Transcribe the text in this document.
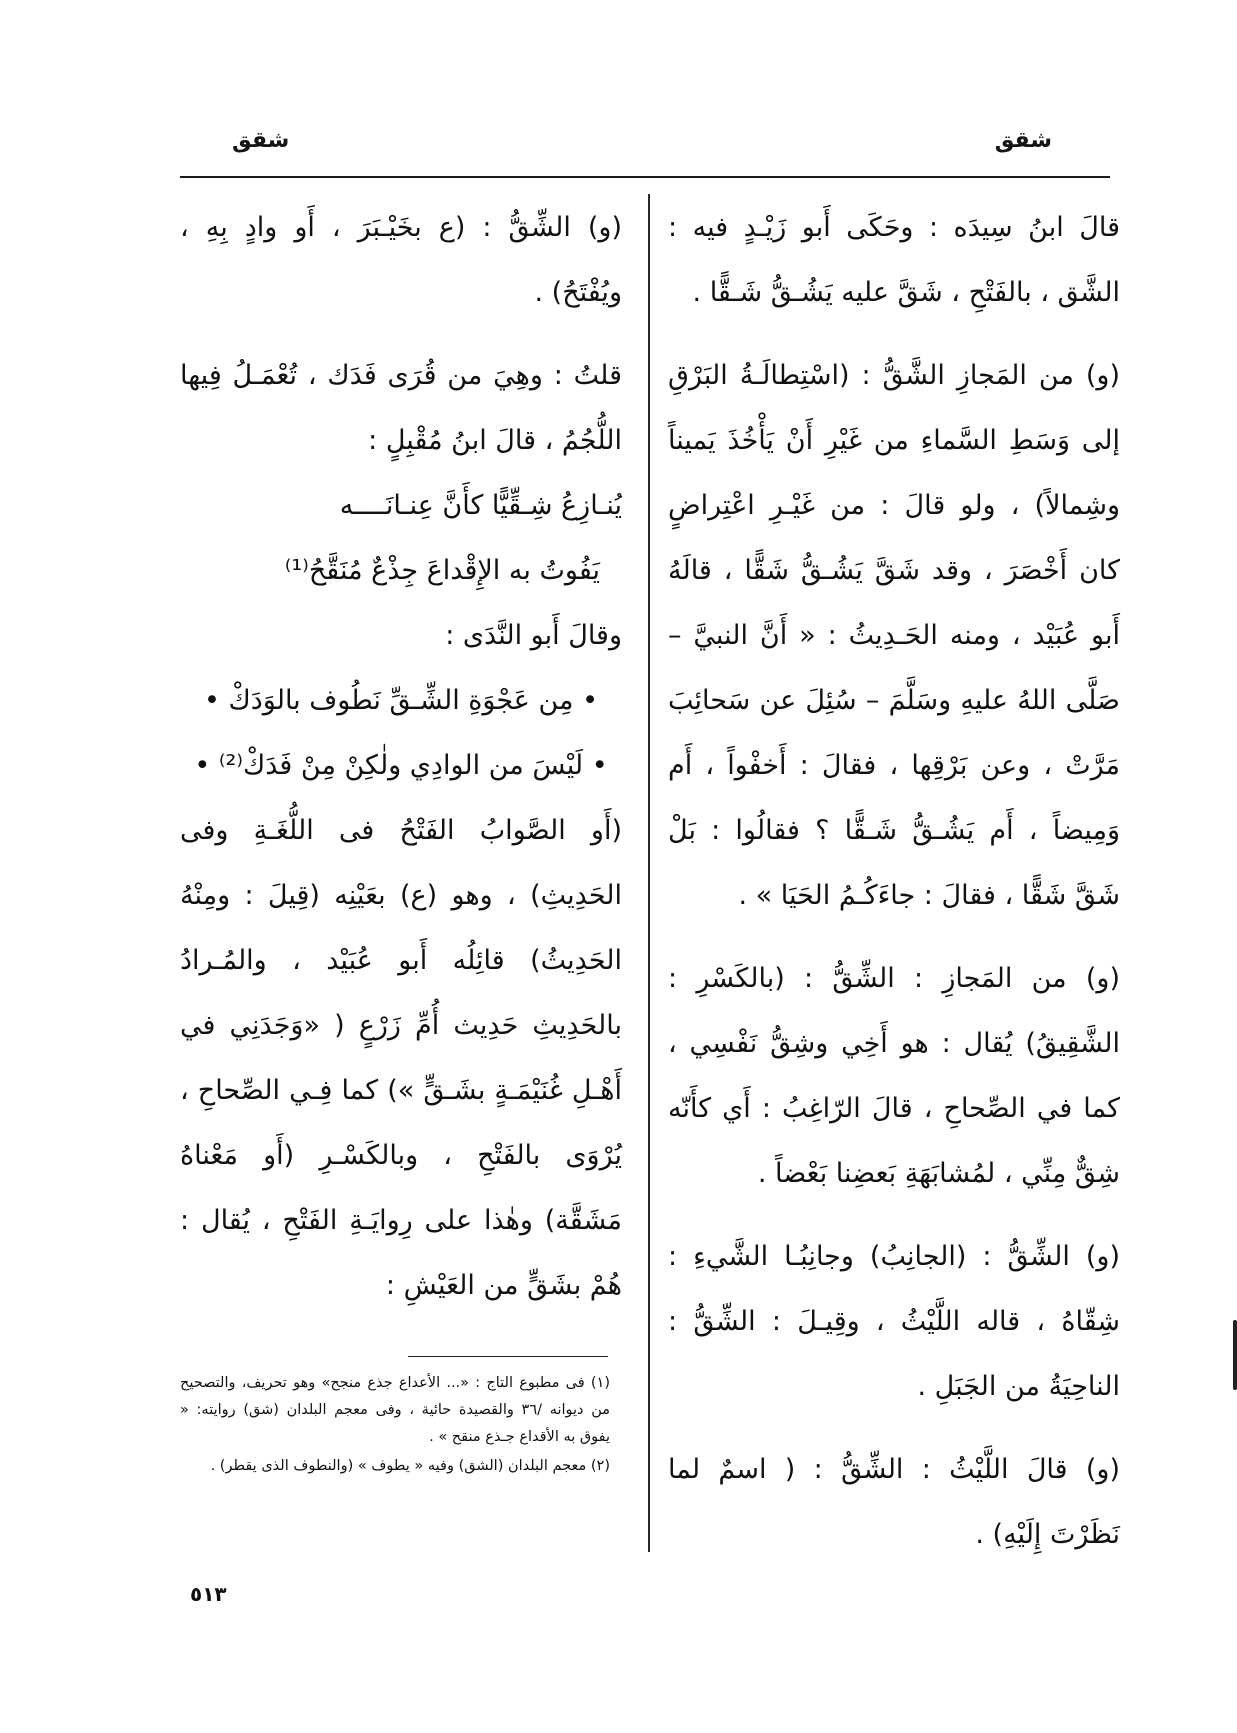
شقق

شقق

قالَ ابنُ سِيدَه : وحَكَى أَبو زَيْـدٍ فيه : الشَّق ، بالفَتْحِ ، شَقَّ عليه يَشُـقُّ شَـقًّا .

(و) من المَجازِ الشَّقُّ : (اسْتِطالَـةُ البَرْقِ إلى وَسَطِ السَّماءِ من غَيْرِ أَنْ يَأْخُذَ يَميناً وشِمالاً) ، ولو قالَ : من غَيْـرِ اعْتِراضٍ كان أَخْصَرَ ، وقد شَقَّ يَشُـقُّ شَقًّا ، قالَهُ أَبو عُبَيْد ، ومنه الحَـدِيثُ : « أَنَّ النبيَّ – صَلَّى اللهُ عليهِ وسَلَّمَ – سُئِلَ عن سَحائِبَ مَرَّتْ ، وعن بَرْقِها ، فقالَ : أَخفْواً ، أَم وَمِيضاً ، أَم يَشُـقُّ شَـقًّا ؟ فقالُوا : بَلْ شَقَّ شَقًّا ، فقالَ : جاءَكُـمُ الحَيَا » .

(و) من المَجازِ : الشِّقُّ : (بالكَسْرِ : الشَّقِيقُ) يُقال : هو أَخِي وشِقُّ نَفْسِي ، كما في الصِّحاحِ ، قالَ الرّاغِبُ : أَي كأَنّه شِقٌّ مِنِّي ، لمُشابَهَةِ بَعضِنا بَعْضاً .

(و) الشِّقُّ : (الجانِبُ) وجانِبُـا الشَّيءِ : شِقّاهُ ، قاله اللَّيْثُ ، وقِيـلَ : الشِّقُّ : الناحِيَةُ من الجَبَلِ .

(و) قالَ اللَّيْثُ : الشِّقُّ : ( اسمٌ لما نَظَرْتَ إِلَيْهِ) .

(و) الشِّقُّ : (ع بخَيْـبَرَ ، أَو وادٍ بِهِ ، ويُفْتَحُ) .

قلتُ : وهِيَ من قُرَى فَدَك ، تُعْمَـلُ فِيها اللُّجُمُ ، قالَ ابنُ مُقْبِلٍ :

يُنـازِعُ شِـقِّيًّا كأَنَّ عِنـانَــــه

يَفُوتُ به الإِقْداعَ جِذْعٌ مُنَقَّحُ⁽¹⁾

وقالَ أَبو النَّدَى :

• مِن عَجْوَةِ الشِّـقِّ نَطُوف بالوَدَكْ •

• لَيْسَ من الوادِي ولٰكِنْ مِنْ فَدَكْ⁽²⁾ •

(أَو الصَّوابُ الفَتْحُ فى اللُّغَـةِ وفى الحَدِيثِ) ، وهو (ع) بعَيْنِه (قِيلَ : ومِنْهُ الحَدِيثُ) قائِلُه أَبو عُبَيْد ، والمُـرادُ بالحَدِيثِ حَدِيث أُمِّ زَرْعٍ ( «وَجَدَنِي في أَهْـلِ غُنَيْمَـةٍ بشَـقٍّ ») كما فِـي الصِّحاحِ ، يُرْوَى بالفَتْحِ ، وبالكَسْـرِ (أَو مَعْناهُ مَشَقَّة) وهٰذا على رِوايَـةِ الفَتْحِ ، يُقال : هُمْ بشَقٍّ من العَيْشِ :

(١) فى مطبوع التاج : «... الأعداع جذع منجح» وهو تحريف، والتصحيح من ديوانه /٣٦ والقصيدة حائية ، وفى معجم البلدان (شق) روايته: « يفوق به الأقداع جـذع منقح » .

(٢) معجم البلدان (الشق) وفيه « يطوف » (والنطوف الذى يقطر) .

٥١٣
